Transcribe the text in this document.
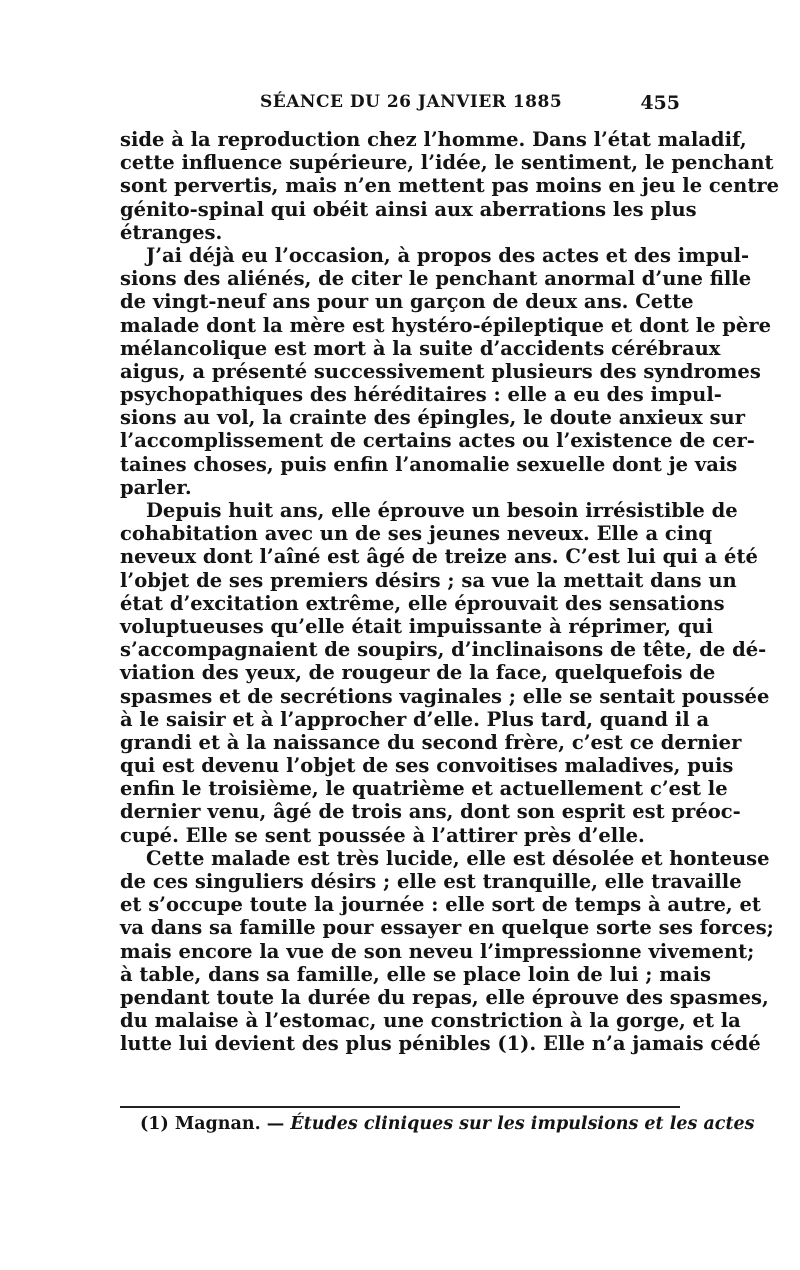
SÉANCE DU 26 JANVIER 1885	455
side à la reproduction chez l’homme. Dans l’état maladif,
cette influence supérieure, l’idée, le sentiment, le penchant
sont pervertis, mais n’en mettent pas moins en jeu le centre
génito-spinal qui obéit ainsi aux aberrations les plus
étranges.
J’ai déjà eu l’occasion, à propos des actes et des impul-
sions des aliénés, de citer le penchant anormal d’une fille
de vingt-neuf ans pour un garçon de deux ans. Cette
malade dont la mère est hystéro-épileptique et dont le père
mélancolique est mort à la suite d’accidents cérébraux
aigus, a présenté successivement plusieurs des syndromes
psychopathiques des héréditaires : elle a eu des impul-
sions au vol, la crainte des épingles, le doute anxieux sur
l’accomplissement de certains actes ou l’existence de cer-
taines choses, puis enfin l’anomalie sexuelle dont je vais
parler.
Depuis huit ans, elle éprouve un besoin irrésistible de
cohabitation avec un de ses jeunes neveux. Elle a cinq
neveux dont l’aîné est âgé de treize ans. C’est lui qui a été
l’objet de ses premiers désirs ; sa vue la mettait dans un
état d’excitation extrême, elle éprouvait des sensations
voluptueuses qu’elle était impuissante à réprimer, qui
s’accompagnaient de soupirs, d’inclinaisons de tête, de dé-
viation des yeux, de rougeur de la face, quelquefois de
spasmes et de secrétions vaginales ; elle se sentait poussée
à le saisir et à l’approcher d’elle. Plus tard, quand il a
grandi et à la naissance du second frère, c’est ce dernier
qui est devenu l’objet de ses convoitises maladives, puis
enfin le troisième, le quatrième et actuellement c’est le
dernier venu, âgé de trois ans, dont son esprit est préoc-
cupé. Elle se sent poussée à l’attirer près d’elle.
Cette malade est très lucide, elle est désolée et honteuse
de ces singuliers désirs ; elle est tranquille, elle travaille
et s’occupe toute la journée : elle sort de temps à autre, et
va dans sa famille pour essayer en quelque sorte ses forces;
mais encore la vue de son neveu l’impressionne vivement;
à table, dans sa famille, elle se place loin de lui ; mais
pendant toute la durée du repas, elle éprouve des spasmes,
du malaise à l’estomac, une constriction à la gorge, et la
lutte lui devient des plus pénibles (1). Elle n’a jamais cédé
(1) Magnan. — Études cliniques sur les impulsions et les actes
